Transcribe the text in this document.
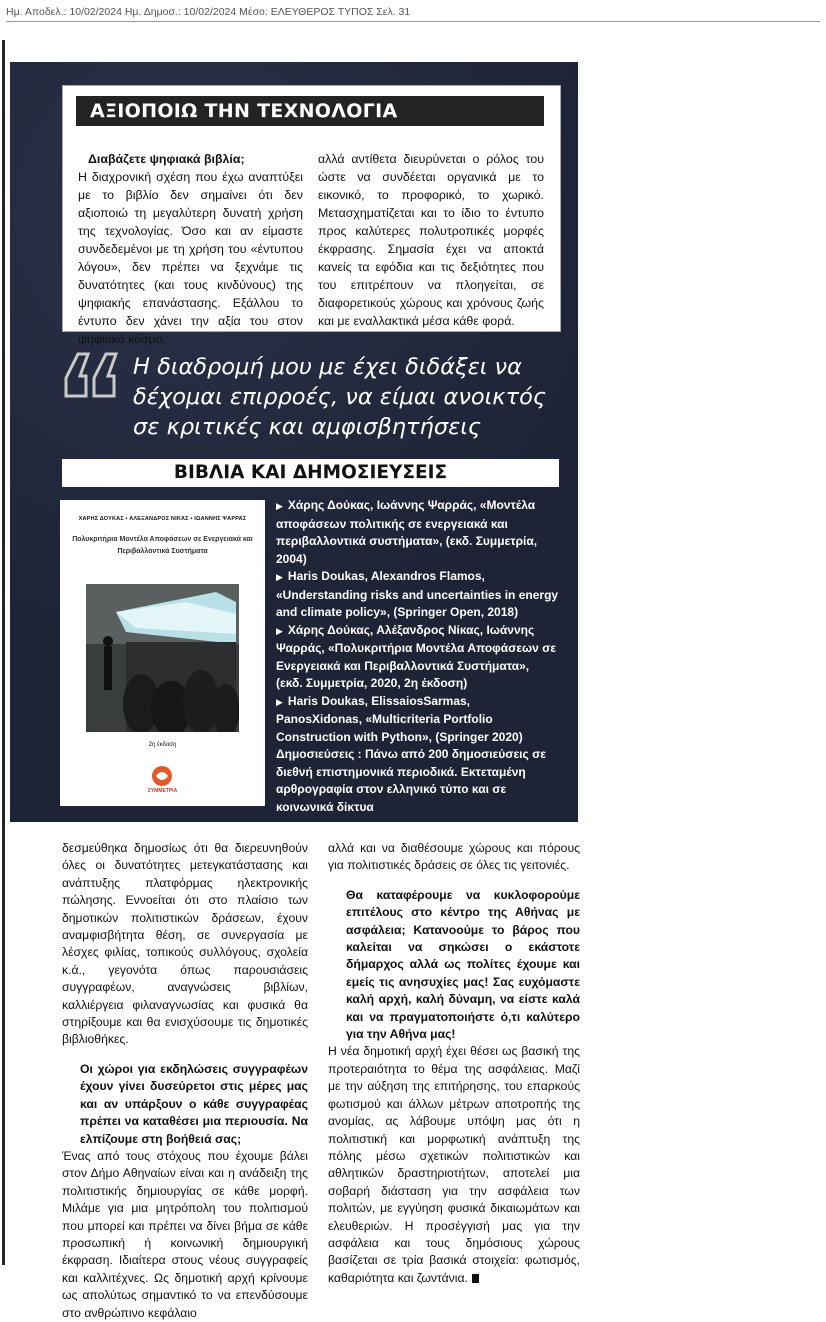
Ημ. Αποδελ.: 10/02/2024 Ημ. Δημοσ.: 10/02/2024 Μέσο: ΕΛΕΥΘΕΡΟΣ ΤΥΠΟΣ Σελ. 31
ΑΞΙΟΠΟΙΩ ΤΗΝ ΤΕΧΝΟΛΟΓΙΑ
Διαβάζετε ψηφιακά βιβλία;
Η διαχρονική σχέση που έχω αναπτύξει με το βιβλίο δεν σημαίνει ότι δεν αξιοποιώ τη μεγαλύτερη δυνατή χρήση της τεχνολογίας. Όσο και αν είμαστε συνδεδεμένοι με τη χρήση του «έντυπου λόγου», δεν πρέπει να ξεχνάμε τις δυνατότητες (και τους κινδύνους) της ψηφιακής επανάστασης. Εξάλλου το έντυπο δεν χάνει την αξία του στον ψηφιακό κόσμο,
αλλά αντίθετα διευρύνεται ο ρόλος του ώστε να συνδέεται οργανικά με το εικονικό, το προφορικό, το χωρικό. Μετασχηματίζεται και το ίδιο το έντυπο προς καλύτερες πολυτροπικές μορφές έκφρασης. Σημασία έχει να αποκτά κανείς τα εφόδια και τις δεξιότητες που του επιτρέπουν να πλοηγείται, σε διαφορετικούς χώρους και χρόνους ζωής και με εναλλακτικά μέσα κάθε φορά.
Η διαδρομή μου με έχει διδάξει να δέχομαι επιρροές, να είμαι ανοικτός σε κριτικές και αμφισβητήσεις
ΒΙΒΛΙΑ ΚΑΙ ΔΗΜΟΣΙΕΥΣΕΙΣ
ΧΑΡΗΣ ΔΟΥΚΑΣ • ΑΛΕΞΑΝΔΡΟΣ ΝΙΚΑΣ • ΙΩΑΝΝΗΣ ΨΑΡΡΑΣ
Πολυκριτήρια Μοντέλα Αποφάσεων σε Ενεργειακά και Περιβαλλοντικά Συστήματα
2η έκδοση
ΣΥΜΜΕΤΡΙΑ
▶ Χάρης Δούκας, Ιωάννης Ψαρράς, «Μοντέλα αποφάσεων πολιτικής σε ενεργειακά και περιβαλλοντικά συστήματα», (εκδ. Συμμετρία, 2004)
▶ Haris Doukas, Alexandros Flamos, «Understanding risks and uncertainties in energy and climate policy», (Springer Open, 2018)
▶ Χάρης Δούκας, Αλέξανδρος Νίκας, Ιωάννης Ψαρράς, «Πολυκριτήρια Μοντέλα Αποφάσεων σε Ενεργειακά και Περιβαλλοντικά Συστήματα», (εκδ. Συμμετρία, 2020, 2η έκδοση)
▶ Haris Doukas, ElissaiosSarmas, PanosXidonas, «Multicriteria Portfolio Construction with Python», (Springer 2020)
Δημοσιεύσεις : Πάνω από 200 δημοσιεύσεις σε διεθνή επιστημονικά περιοδικά. Εκτεταμένη αρθρογραφία στον ελληνικό τύπο και σε κοινωνικά δίκτυα
δεσμεύθηκα δημοσίως ότι θα διερευνηθούν όλες οι δυνατότητες μετεγκατάστασης και ανάπτυξης πλατφόρμας ηλεκτρονικής πώλησης. Εννοείται ότι στο πλαίσιο των δημοτικών πολιτιστικών δράσεων, έχουν αναμφισβήτητα θέση, σε συνεργασία με λέσχες φιλίας, τοπικούς συλλόγους, σχολεία κ.ά., γεγονότα όπως παρουσιάσεις συγγραφέων, αναγνώσεις βιβλίων, καλλιέργεια φιλαναγνωσίας και φυσικά θα στηρίξουμε και θα ενισχύσουμε τις δημοτικές βιβλιοθήκες.
Οι χώροι για εκδηλώσεις συγγραφέων έχουν γίνει δυσεύρετοι στις μέρες μας και αν υπάρξουν ο κάθε συγγραφέας πρέπει να καταθέσει μια περιουσία. Να ελπίζουμε στη βοήθειά σας;
Ένας από τους στόχους που έχουμε βάλει στον Δήμο Αθηναίων είναι και η ανάδειξη της πολιτιστικής δημιουργίας σε κάθε μορφή. Μιλάμε για μια μητρόπολη του πολιτισμού που μπορεί και πρέπει να δίνει βήμα σε κάθε προσωπική ή κοινωνική δημιουργική έκφραση. Ιδιαίτερα στους νέους συγγραφείς και καλλιτέχνες. Ως δημοτική αρχή κρίνουμε ως απολύτως σημαντικό το να επενδύσουμε στο ανθρώπινο κεφάλαιο
αλλά και να διαθέσουμε χώρους και πόρους για πολιτιστικές δράσεις σε όλες τις γειτονιές.
Θα καταφέρουμε να κυκλοφορούμε επιτέλους στο κέντρο της Αθήνας με ασφάλεια; Κατανοούμε το βάρος που καλείται να σηκώσει ο εκάστοτε δήμαρχος αλλά ως πολίτες έχουμε και εμείς τις ανησυχίες μας! Σας ευχόμαστε καλή αρχή, καλή δύναμη, να είστε καλά και να πραγματοποιήστε ό,τι καλύτερο για την Αθήνα μας!
Η νέα δημοτική αρχή έχει θέσει ως βασική της προτεραιότητα το θέμα της ασφάλειας. Μαζί με την αύξηση της επιτήρησης, του επαρκούς φωτισμού και άλλων μέτρων αποτροπής της ανομίας, ας λάβουμε υπόψη μας ότι η πολιτιστική και μορφωτική ανάπτυξη της πόλης μέσω σχετικών πολιτιστικών και αθλητικών δραστηριοτήτων, αποτελεί μια σοβαρή διάσταση για την ασφάλεια των πολιτών, με εγγύηση φυσικά δικαιωμάτων και ελευθεριών. Η προσέγγισή μας για την ασφάλεια και τους δημόσιους χώρους βασίζεται σε τρία βασικά στοιχεία: φωτισμός, καθαριότητα και ζωντάνια.
